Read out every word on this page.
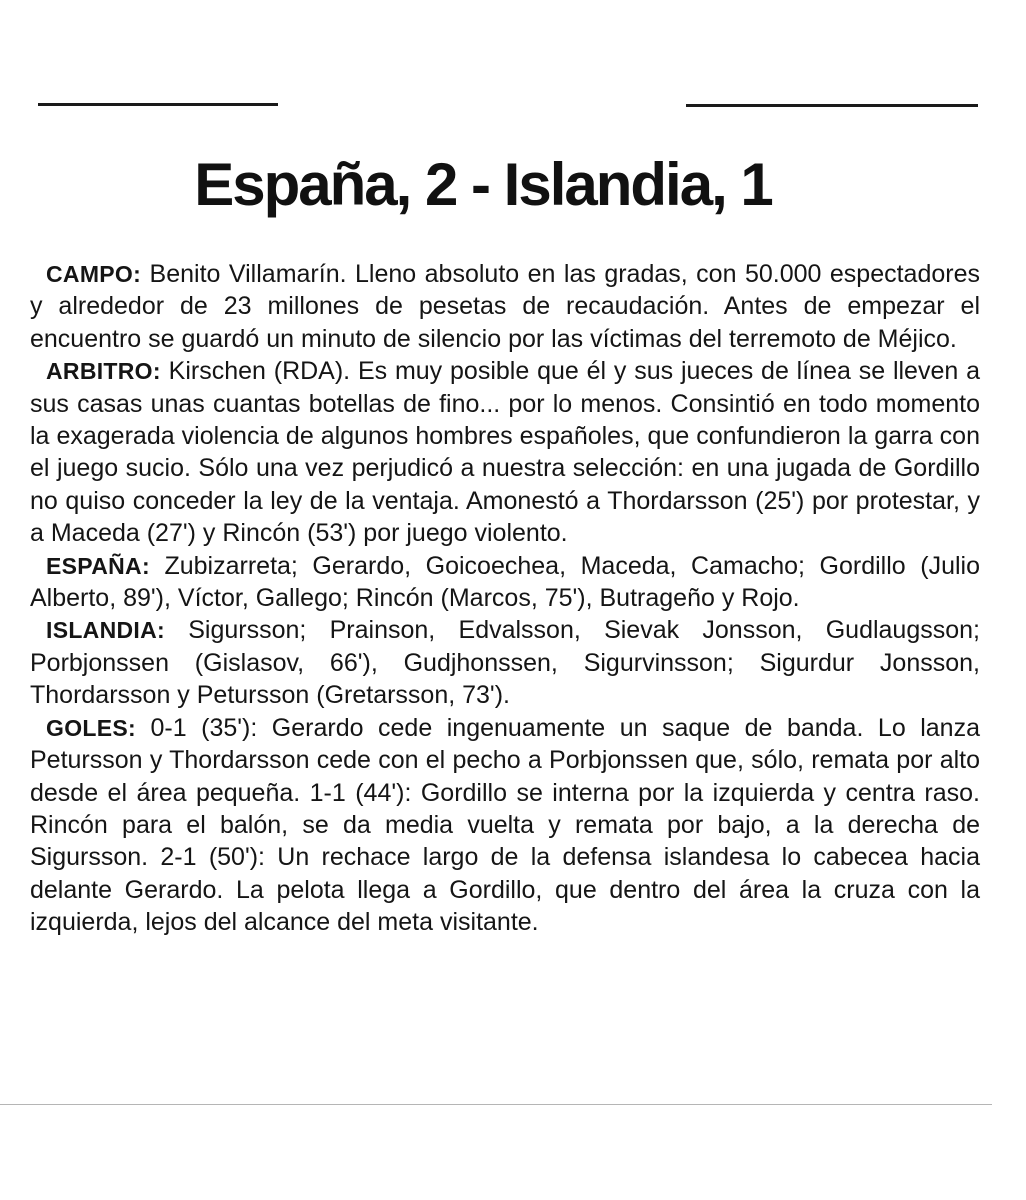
España, 2 - Islandia, 1

CAMPO: Benito Villamarín. Lleno absoluto en las gradas, con 50.000 espectadores y alrededor de 23 millones de pesetas de recaudación. Antes de empezar el encuentro se guardó un minuto de silencio por las víctimas del terremoto de Méjico.

ARBITRO: Kirschen (RDA). Es muy posible que él y sus jueces de línea se lleven a sus casas unas cuantas botellas de fino... por lo menos. Consintió en todo momento la exagerada violencia de algunos hombres españoles, que confundieron la garra con el juego sucio. Sólo una vez perjudicó a nuestra selección: en una jugada de Gordillo no quiso conceder la ley de la ventaja. Amonestó a Thordarsson (25') por protestar, y a Maceda (27') y Rincón (53') por juego violento.

ESPAÑA: Zubizarreta; Gerardo, Goicoechea, Maceda, Camacho; Gordillo (Julio Alberto, 89'), Víctor, Gallego; Rincón (Marcos, 75'), Butrageño y Rojo.

ISLANDIA: Sigursson; Prainson, Edvalsson, Sievak Jonsson, Gudlaugsson; Porbjonssen (Gislasov, 66'), Gudjhonssen, Sigurvinsson; Sigurdur Jonsson, Thordarsson y Petursson (Gretarsson, 73').

GOLES: 0-1 (35'): Gerardo cede ingenuamente un saque de banda. Lo lanza Petursson y Thordarsson cede con el pecho a Porbjonssen que, sólo, remata por alto desde el área pequeña. 1-1 (44'): Gordillo se interna por la izquierda y centra raso. Rincón para el balón, se da media vuelta y remata por bajo, a la derecha de Sigursson. 2-1 (50'): Un rechace largo de la defensa islandesa lo cabecea hacia delante Gerardo. La pelota llega a Gordillo, que dentro del área la cruza con la izquierda, lejos del alcance del meta visitante.
